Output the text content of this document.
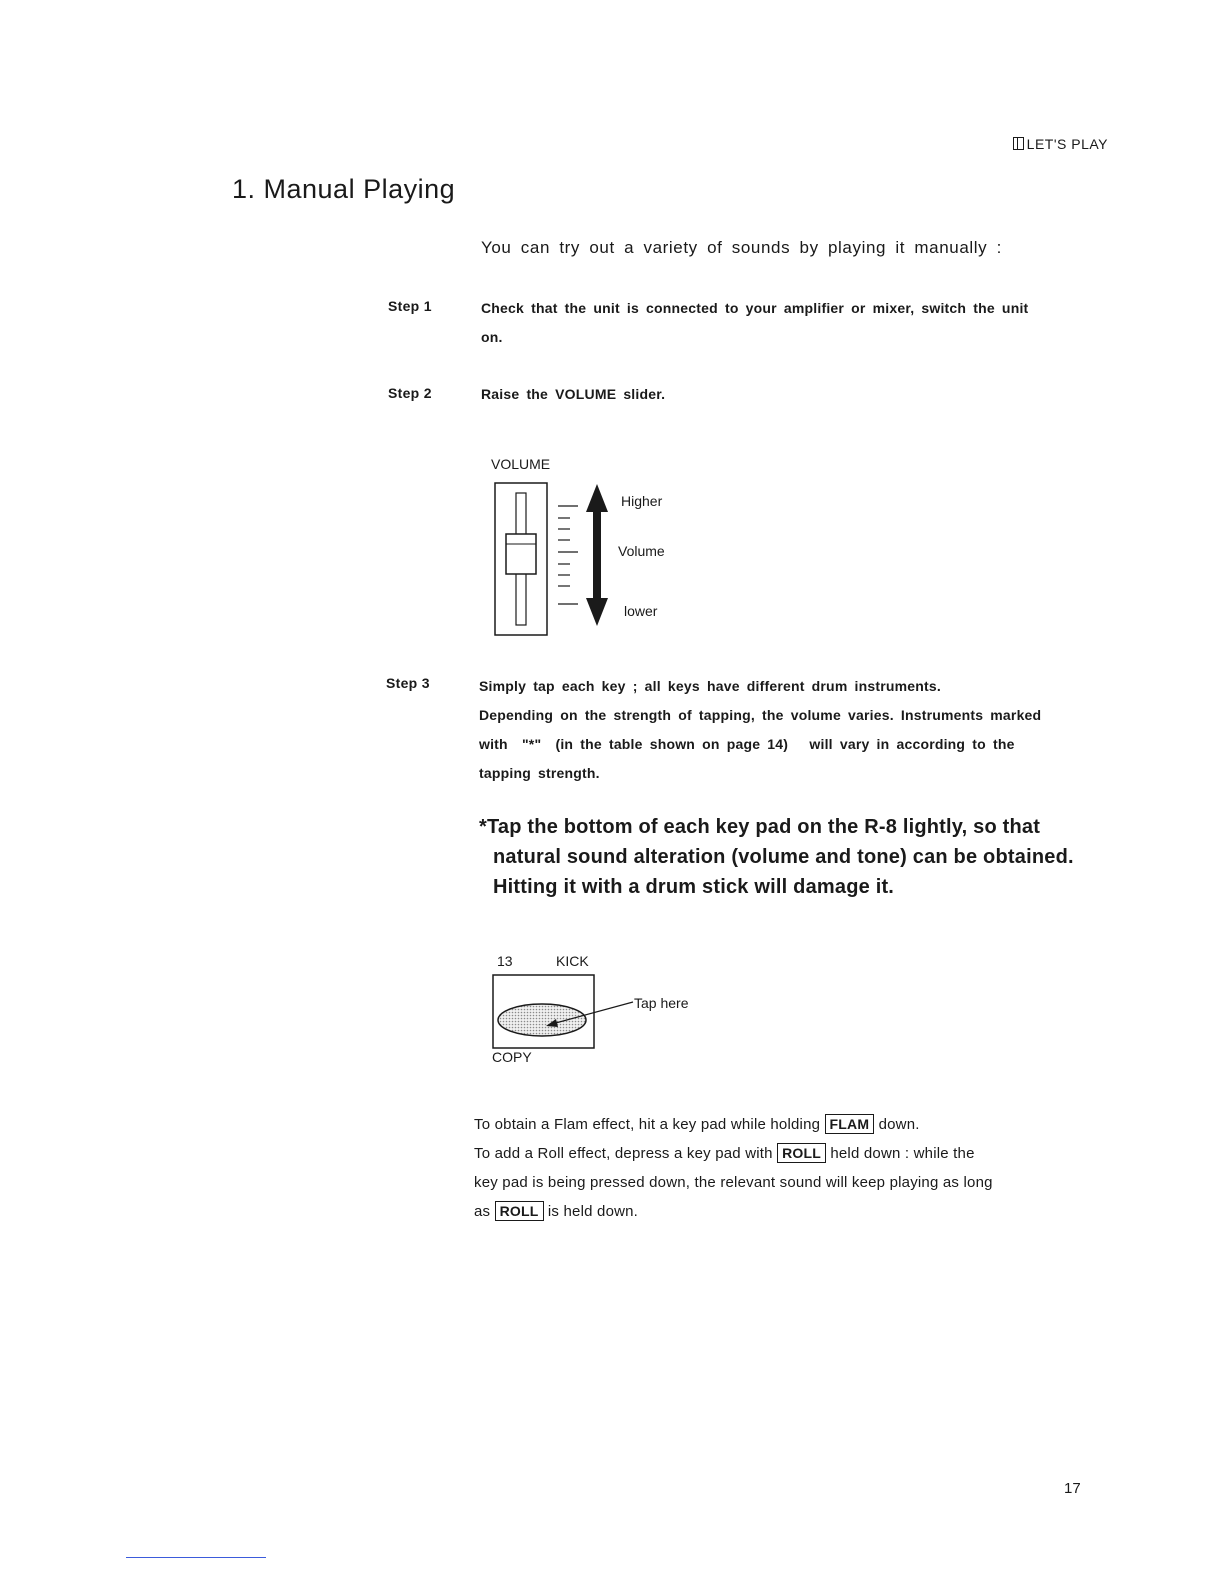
LET'S PLAY
1. Manual Playing
You can try out a variety of sounds by playing it manually :
Step 1	Check that the unit is connected to your amplifier or mixer, switch the unit
on.
Step 2	Raise the VOLUME slider.
VOLUME
Higher
Volume
lower
Step 3	Simply tap each key ; all keys have different drum instruments.
Depending on the strength of tapping, the volume varies. Instruments marked
with  "*"  (in the table shown on page 14)   will vary in according to the
tapping strength.
*Tap the bottom of each key pad on the R-8 lightly, so that
natural sound alteration (volume and tone) can be obtained.
Hitting it with a drum stick will damage it.
13	KICK
Tap here
COPY
To obtain a Flam effect, hit a key pad while holding FLAM down.
To add a Roll effect, depress a key pad with ROLL held down : while the
key pad is being pressed down, the relevant sound will keep playing as long
as ROLL is held down.
17
